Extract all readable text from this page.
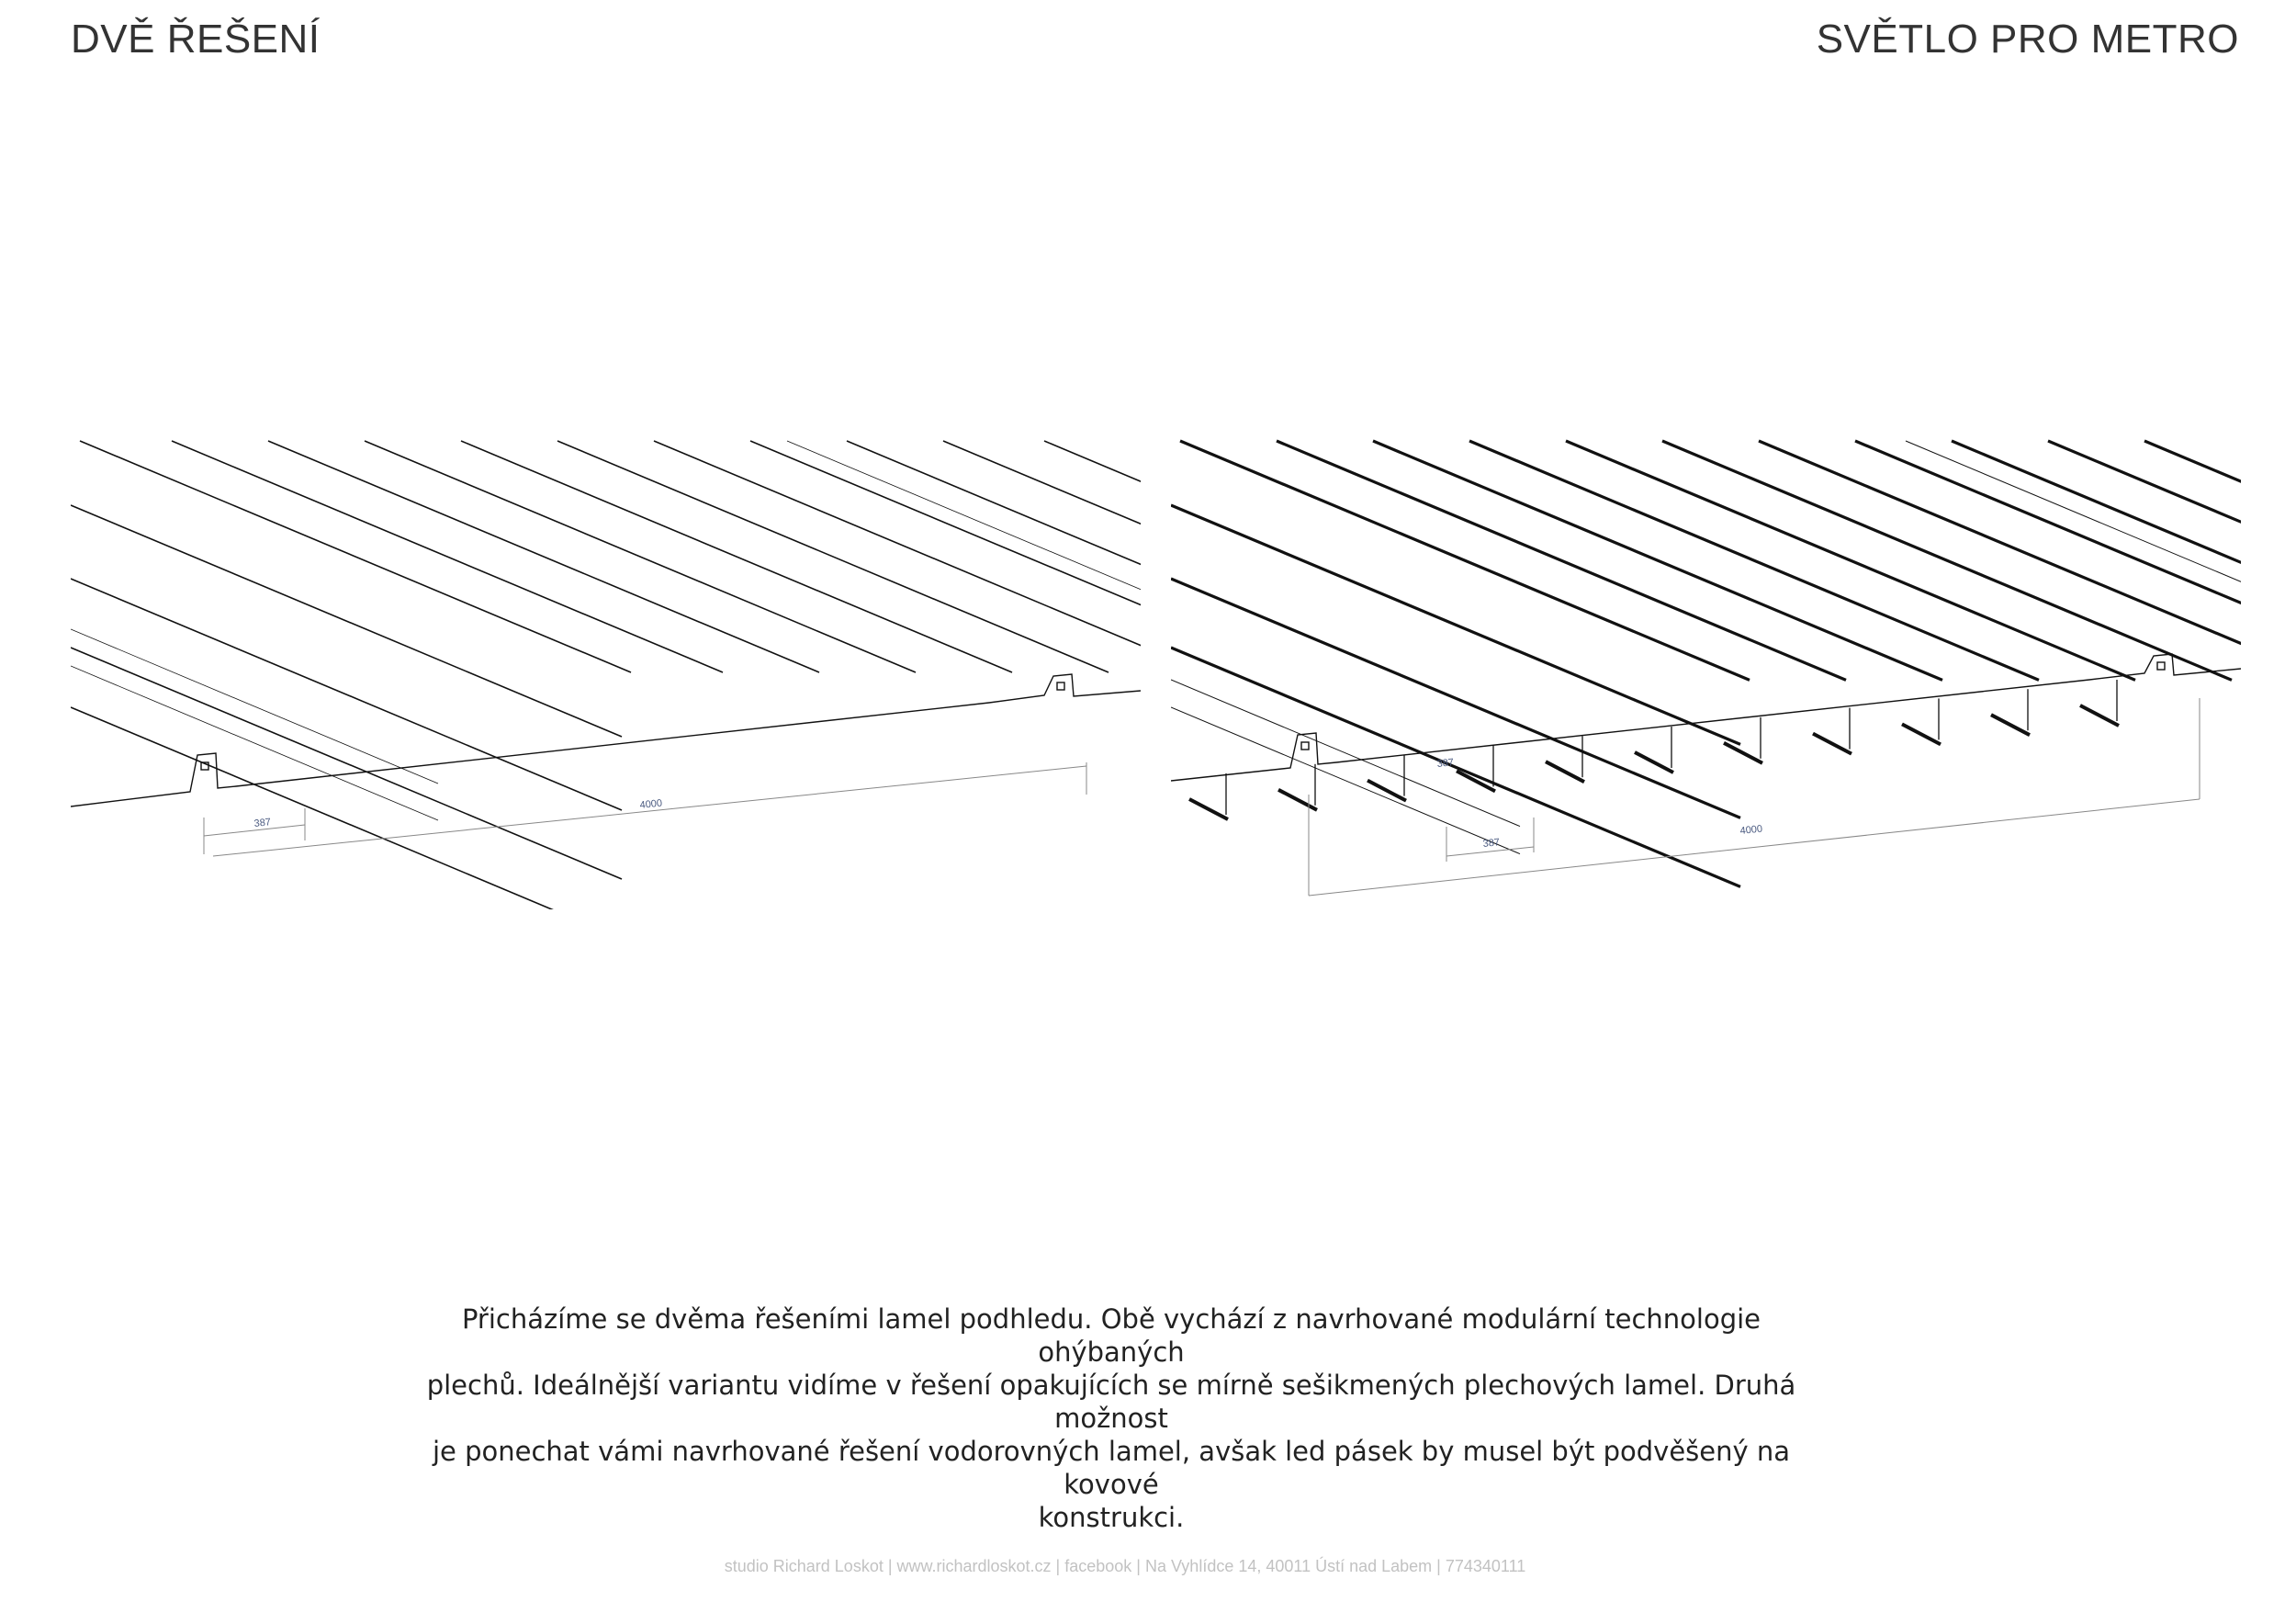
DVĚ ŘEŠENÍ	SVĚTLO PRO METRO
387
4000
387
387
4000
Přicházíme se dvěma řešeními lamel podhledu. Obě vychází z navrhované modulární technologie ohýbaných
plechů. Ideálnější variantu vidíme v řešení opakujících se mírně sešikmených plechových lamel. Druhá možnost
je ponechat vámi navrhované řešení vodorovných lamel, avšak led pásek by musel být podvěšený na kovové
konstrukci.
studio Richard Loskot | www.richardloskot.cz | facebook | Na Vyhlídce 14, 40011 Ústí nad Labem | 774340111
